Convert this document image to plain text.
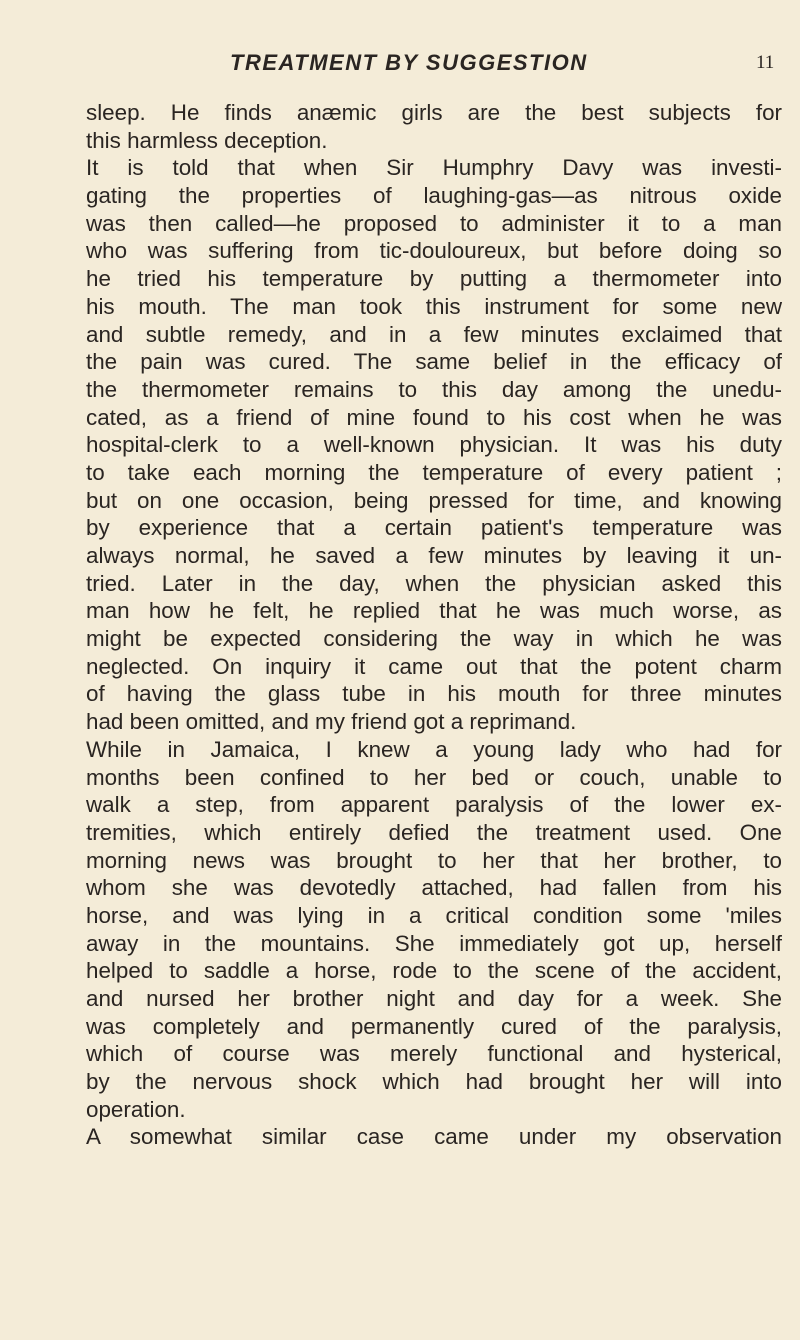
TREATMENT BY SUGGESTION	11
sleep. He finds anæmic girls are the best subjects for
this harmless deception.
It is told that when Sir Humphry Davy was investi-
gating the properties of laughing-gas—as nitrous oxide
was then called—he proposed to administer it to a man
who was suffering from tic-douloureux, but before doing so
he tried his temperature by putting a thermometer into
his mouth. The man took this instrument for some new
and subtle remedy, and in a few minutes exclaimed that
the pain was cured. The same belief in the efficacy of
the thermometer remains to this day among the unedu-
cated, as a friend of mine found to his cost when he was
hospital-clerk to a well-known physician. It was his duty
to take each morning the temperature of every patient ;
but on one occasion, being pressed for time, and knowing
by experience that a certain patient's temperature was
always normal, he saved a few minutes by leaving it un-
tried. Later in the day, when the physician asked this
man how he felt, he replied that he was much worse, as
might be expected considering the way in which he was
neglected. On inquiry it came out that the potent charm
of having the glass tube in his mouth for three minutes
had been omitted, and my friend got a reprimand.
While in Jamaica, I knew a young lady who had for
months been confined to her bed or couch, unable to
walk a step, from apparent paralysis of the lower ex-
tremities, which entirely defied the treatment used. One
morning news was brought to her that her brother, to
whom she was devotedly attached, had fallen from his
horse, and was lying in a critical condition some 'miles
away in the mountains. She immediately got up, herself
helped to saddle a horse, rode to the scene of the accident,
and nursed her brother night and day for a week. She
was completely and permanently cured of the paralysis,
which of course was merely functional and hysterical,
by the nervous shock which had brought her will into
operation.
A somewhat similar case came under my observation
